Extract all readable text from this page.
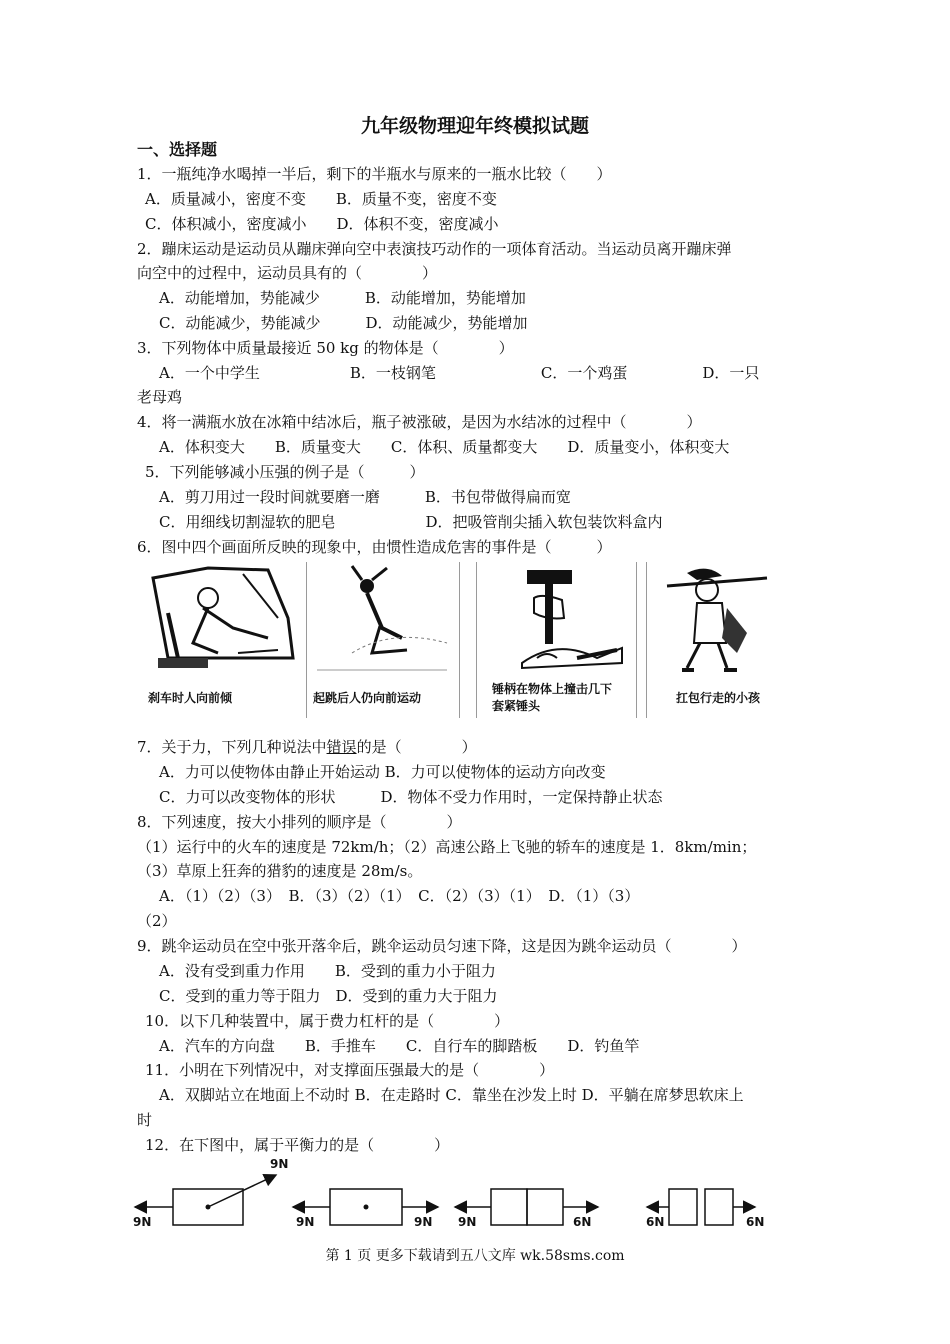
九年级物理迎年终模拟试题
一、选择题
1．一瓶纯净水喝掉一半后，剩下的半瓶水与原来的一瓶水比较（　　）
A．质量减小，密度不变　　B．质量不变，密度不变
C．体积减小，密度减小　　D．体积不变，密度减小
2．蹦床运动是运动员从蹦床弹向空中表演技巧动作的一项体育活动。当运动员离开蹦床弹
向空中的过程中，运动员具有的（　　　　）
A．动能增加，势能减少　　　B．动能增加，势能增加
C．动能减少，势能减少　　　D．动能减少，势能增加
3．下列物体中质量最接近 50 kg 的物体是（　　　　）
A．一个中学生　　　　　　B．一枝钢笔　　　　　　　C．一个鸡蛋　　　　　D．一只
老母鸡
4．将一满瓶水放在冰箱中结冰后，瓶子被涨破，是因为水结冰的过程中（　　　　）
A．体积变大　　B．质量变大　　C．体积、质量都变大　　D．质量变小，体积变大
5．下列能够减小压强的例子是（　　　）
A．剪刀用过一段时间就要磨一磨　　　B．书包带做得扁而宽
C．用细线切割湿软的肥皂　　　　　　D．把吸管削尖插入软包装饮料盒内
6．图中四个画面所反映的现象中，由惯性造成危害的事件是（　　　）
刹车时人向前倾	起跳后人仍向前运动
锤柄在物体上撞击几下
套紧锤头
扛包行走的小孩
7．关于力，下列几种说法中错误的是（　　　　）
A．力可以使物体由静止开始运动 B．力可以使物体的运动方向改变
C．力可以改变物体的形状　　　D．物体不受力作用时，一定保持静止状态
8．下列速度，按大小排列的顺序是（　　　　）
（1）运行中的火车的速度是 72km/h；（2）高速公路上飞驰的轿车的速度是 1．8km/min；
（3）草原上狂奔的猎豹的速度是 28m/s。
A．（1）（2）（3）　B．（3）（2）（1）　C．（2）（3）（1）　D．（1）（3）
（2）
9．跳伞运动员在空中张开落伞后，跳伞运动员匀速下降，这是因为跳伞运动员（　　　　）
A．没有受到重力作用　　B．受到的重力小于阻力
C．受到的重力等于阻力　D．受到的重力大于阻力
10．以下几种装置中，属于费力杠杆的是（　　　　）
A．汽车的方向盘　　B．手推车　　C．自行车的脚踏板　　D．钓鱼竿
11．小明在下列情况中，对支撑面压强最大的是（　　　　）
A．双脚站立在地面上不动时 B．在走路时 C．靠坐在沙发上时 D．平躺在席梦思软床上
时
12．在下图中，属于平衡力的是（　　　　）
9N
9N	9N	9N 9N	6N	6N	6N
第 1 页 更多下载请到五八文库 wk.58sms.com
